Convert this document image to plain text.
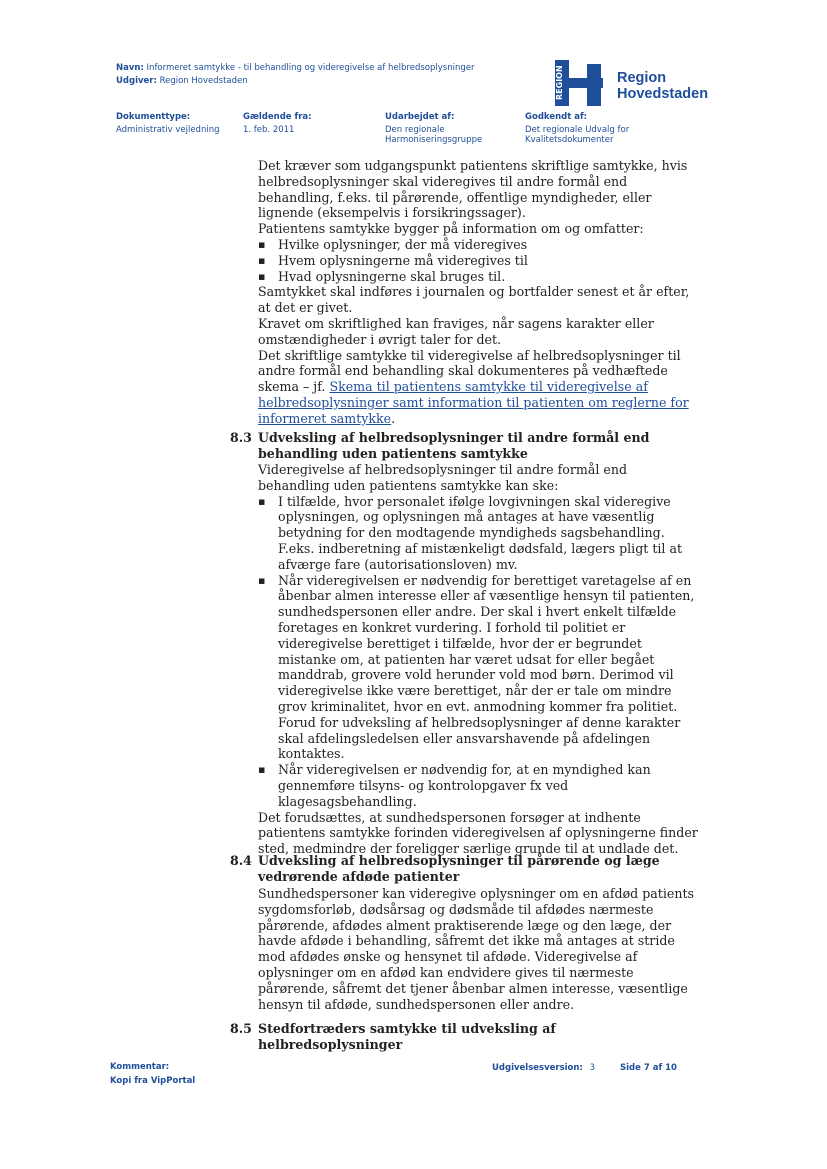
Navn: Informeret samtykke - til behandling og videregivelse af helbredsoplysninger
Udgiver: Region Hovedstaden	REGION	Region
Hovedstaden
Dokumenttype:
Administrativ vejledning
Gældende fra:
1. feb. 2011
Udarbejdet af:
Den regionale
Harmoniseringsgruppe
Godkendt af:
Det regionale Udvalg for
Kvalitetsdokumenter

Det kræver som udgangspunkt patientens skriftlige samtykke, hvis helbredsoplysninger skal videregives til andre formål end behandling, f.eks. til pårørende, offentlige myndigheder, eller lignende (eksempelvis i forsikringssager).

Patientens samtykke bygger på information om og omfatter:

▪ Hvilke oplysninger, der må videregives
▪ Hvem oplysningerne må videregives til
▪ Hvad oplysningerne skal bruges til.

Samtykket skal indføres i journalen og bortfalder senest et år efter, at det er givet.

Kravet om skriftlighed kan fraviges, når sagens karakter eller omstændigheder i øvrigt taler for det.

Det skriftlige samtykke til videregivelse af helbredsoplysninger til andre formål end behandling skal dokumenteres på vedhæftede skema – jf. Skema til patientens samtykke til videregivelse af helbredsoplysninger samt information til patienten om reglerne for informeret samtykke.

8.3 Udveksling af helbredsoplysninger til andre formål end behandling uden patientens samtykke

Videregivelse af helbredsoplysninger til andre formål end behandling uden patientens samtykke kan ske:

▪ I tilfælde, hvor personalet ifølge lovgivningen skal videregive oplysningen, og oplysningen må antages at have væsentlig betydning for den modtagende myndigheds sagsbehandling. F.eks. indberetning af mistænkeligt dødsfald, lægers pligt til at afværge fare (autorisationsloven) mv.
▪ Når videregivelsen er nødvendig for berettiget varetagelse af en åbenbar almen interesse eller af væsentlige hensyn til patienten, sundhedspersonen eller andre. Der skal i hvert enkelt tilfælde foretages en konkret vurdering. I forhold til politiet er videregivelse berettiget i tilfælde, hvor der er begrundet mistanke om, at patienten har været udsat for eller begået manddrab, grovere vold herunder vold mod børn. Derimod vil videregivelse ikke være berettiget, når der er tale om mindre grov kriminalitet, hvor en evt. anmodning kommer fra politiet. Forud for udveksling af helbredsoplysninger af denne karakter skal afdelingsledelsen eller ansvarshavende på afdelingen kontaktes.
▪ Når videregivelsen er nødvendig for, at en myndighed kan gennemføre tilsyns- og kontrolopgaver fx ved klagesagsbehandling.

Det forudsættes, at sundhedspersonen forsøger at indhente patientens samtykke forinden videregivelsen af oplysningerne finder sted, medmindre der foreligger særlige grunde til at undlade det.

8.4 Udveksling af helbredsoplysninger til pårørende og læge vedrørende afdøde patienter

Sundhedspersoner kan videregive oplysninger om en afdød patients sygdomsforløb, dødsårsag og dødsmåde til afdødes nærmeste pårørende, afdødes alment praktiserende læge og den læge, der havde afdøde i behandling, såfremt det ikke må antages at stride mod afdødes ønske og hensynet til afdøde. Videregivelse af oplysninger om en afdød kan endvidere gives til nærmeste pårørende, såfremt det tjener åbenbar almen interesse, væsentlige hensyn til afdøde, sundhedspersonen eller andre.

8.5 Stedfortræders samtykke til udveksling af helbredsoplysninger
Kommentar:
Kopi fra VipPortal
Udgivelsesversion: 3	Side 7 af 10
